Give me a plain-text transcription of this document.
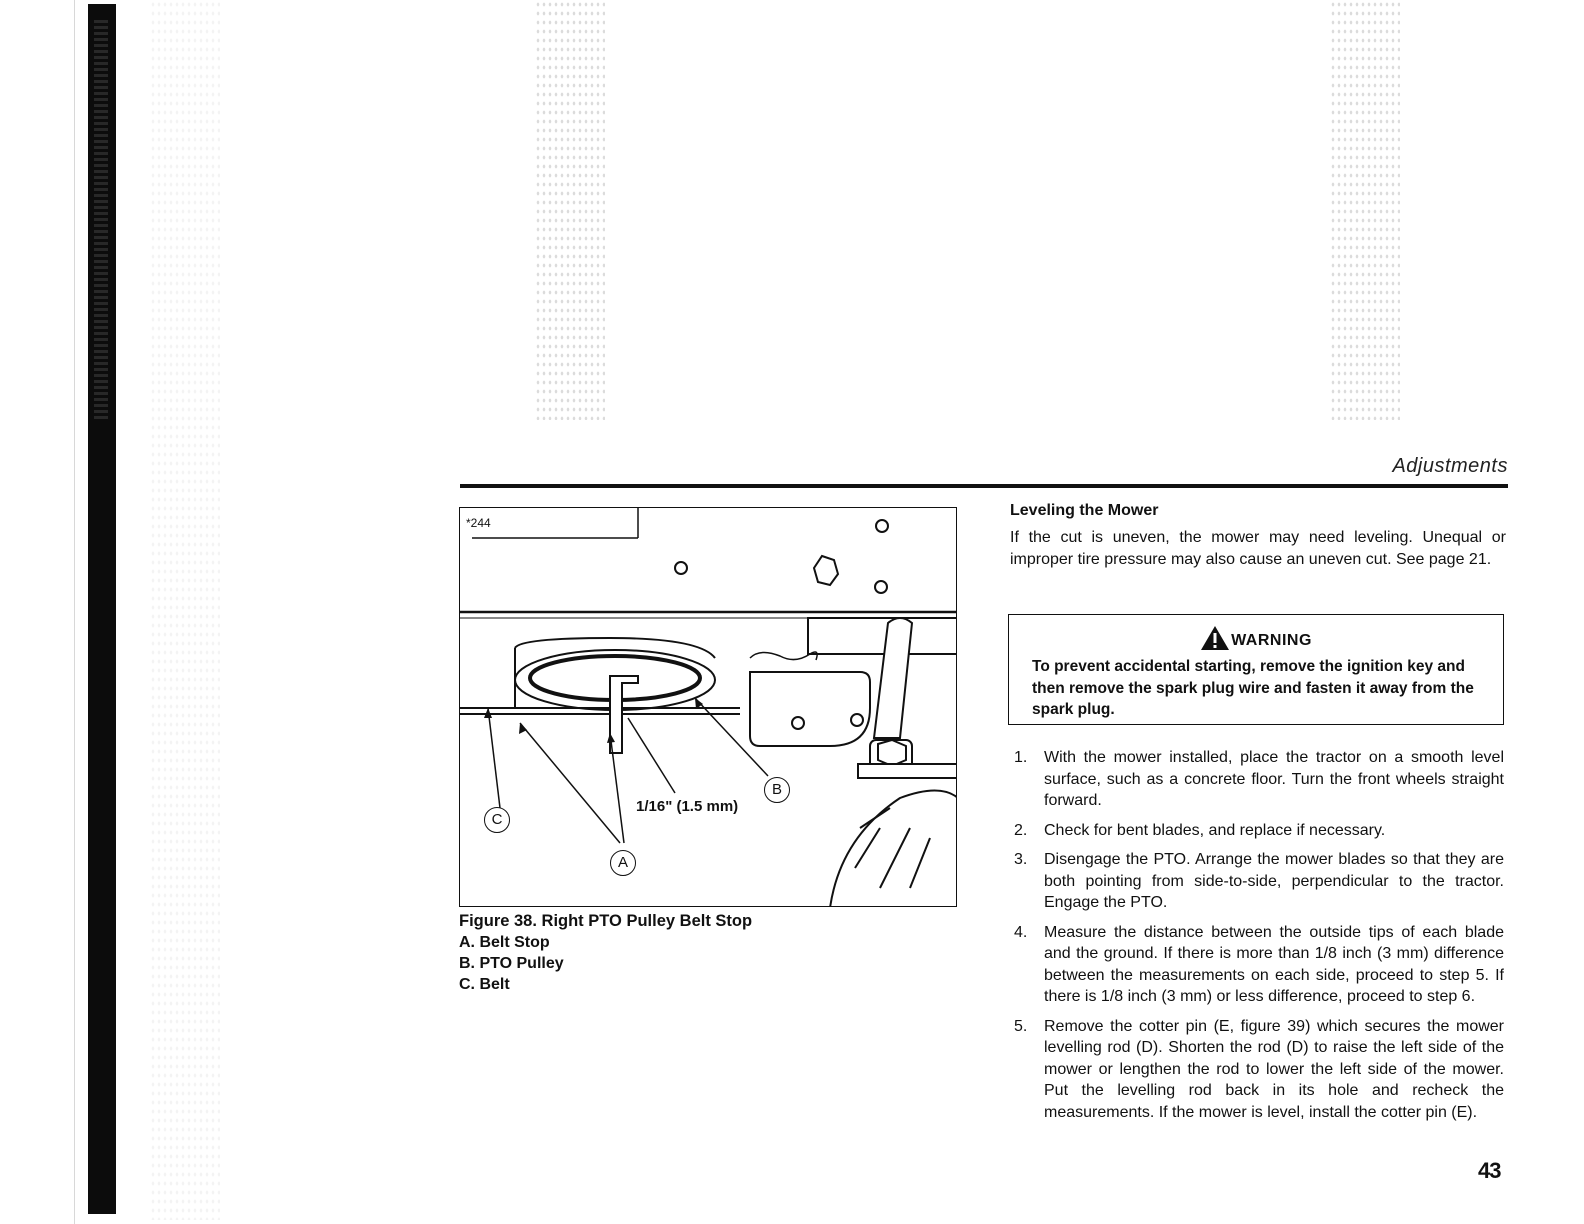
Adjustments
*244
1/16" (1.5 mm)
C
A
B
Figure 38. Right PTO Pulley Belt Stop
A. Belt Stop
B. PTO Pulley
C. Belt
Leveling the Mower

If the cut is uneven, the mower may need leveling. Unequal or improper tire pressure may also cause an uneven cut. See page 21.

WARNING
To prevent accidental starting, remove the ignition key and then remove the spark plug wire and fasten it away from the spark plug.
1. With the mower installed, place the tractor on a smooth level surface, such as a concrete floor. Turn the front wheels straight forward.
2. Check for bent blades, and replace if necessary.
3. Disengage the PTO. Arrange the mower blades so that they are both pointing from side-to-side, perpendicular to the tractor. Engage the PTO.
4. Measure the distance between the outside tips of each blade and the ground. If there is more than 1/8 inch (3 mm) difference between the measurements on each side, proceed to step 5. If there is 1/8 inch (3 mm) or less difference, proceed to step 6.
5. Remove the cotter pin (E, figure 39) which secures the mower levelling rod (D). Shorten the rod (D) to raise the left side of the mower or lengthen the rod to lower the left side of the mower. Put the levelling rod back in its hole and recheck the measurements. If the mower is level, install the cotter pin (E).
43
